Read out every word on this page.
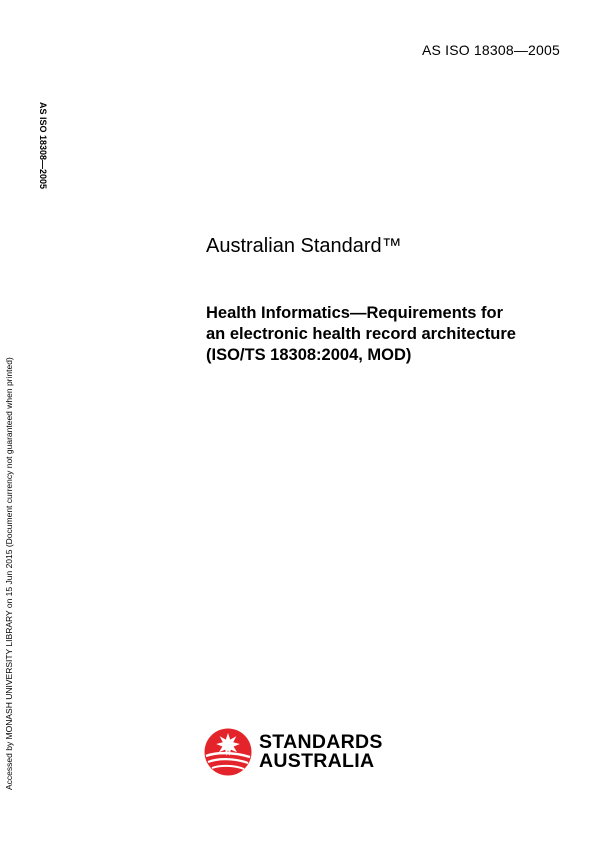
AS ISO 18308—2005
AS ISO 18308—2005
Accessed by MONASH UNIVERSITY LIBRARY on 15 Jun 2015 (Document currency not guaranteed when printed)
Australian Standard™
Health Informatics—Requirements for
an electronic health record architecture
(ISO/TS 18308:2004, MOD)
STANDARDS
AUSTRALIA
